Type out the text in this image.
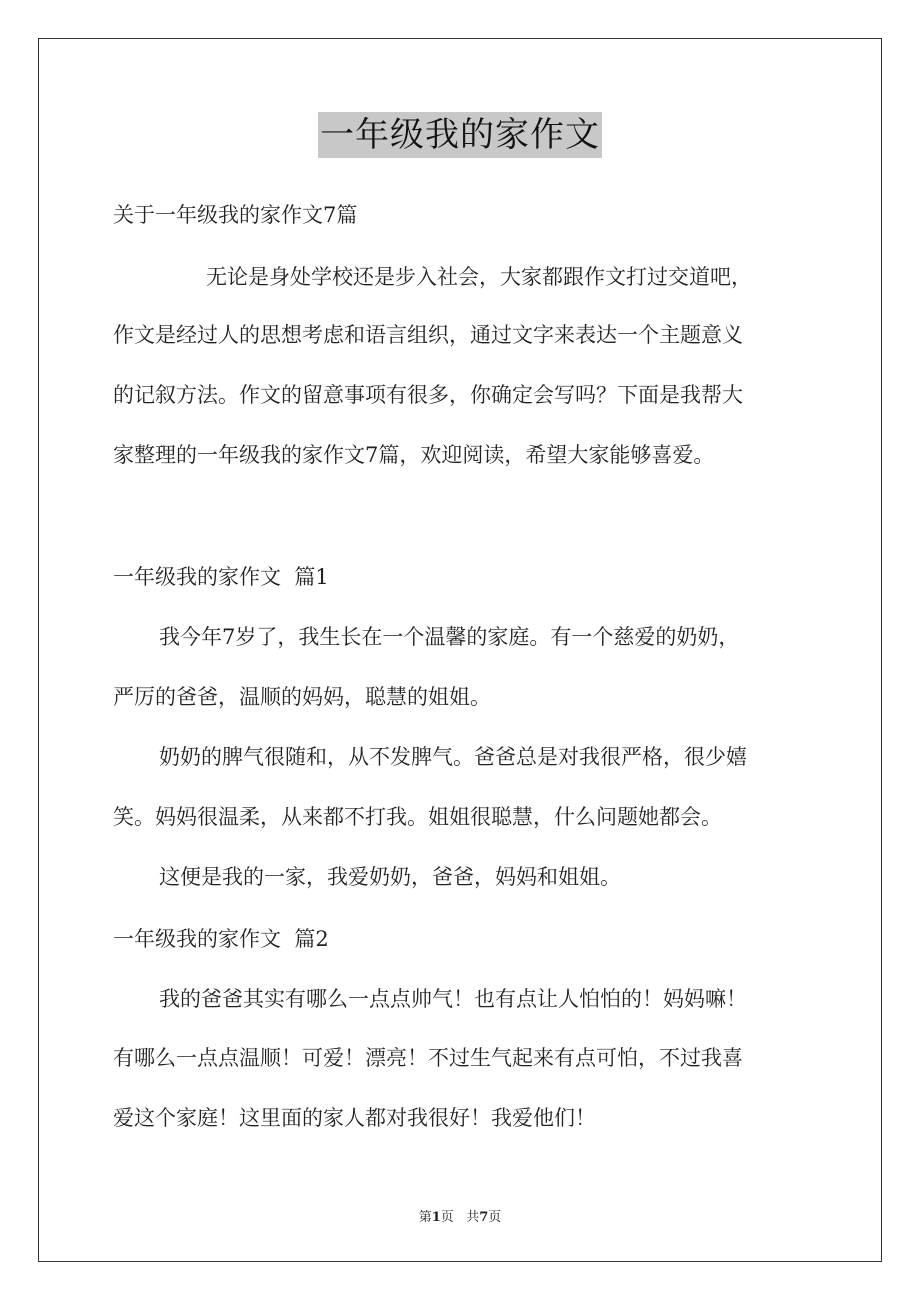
一年级我的家作文
关于一年级我的家作文7篇
无论是身处学校还是步入社会，大家都跟作文打过交道吧，
作文是经过人的思想考虑和语言组织，通过文字来表达一个主题意义
的记叙方法。作文的留意事项有很多，你确定会写吗？下面是我帮大
家整理的一年级我的家作文7篇，欢迎阅读，希望大家能够喜爱。
一年级我的家作文  篇1
我今年7岁了，我生长在一个温馨的家庭。有一个慈爱的奶奶，
严厉的爸爸，温顺的妈妈，聪慧的姐姐。
奶奶的脾气很随和，从不发脾气。爸爸总是对我很严格，很少嬉
笑。妈妈很温柔，从来都不打我。姐姐很聪慧，什么问题她都会。
这便是我的一家，我爱奶奶，爸爸，妈妈和姐姐。
一年级我的家作文  篇2
我的爸爸其实有哪么一点点帅气！也有点让人怕怕的！妈妈嘛！
有哪么一点点温顺！可爱！漂亮！不过生气起来有点可怕，不过我喜
爱这个家庭！这里面的家人都对我很好！我爱他们！
第1页 共7页
